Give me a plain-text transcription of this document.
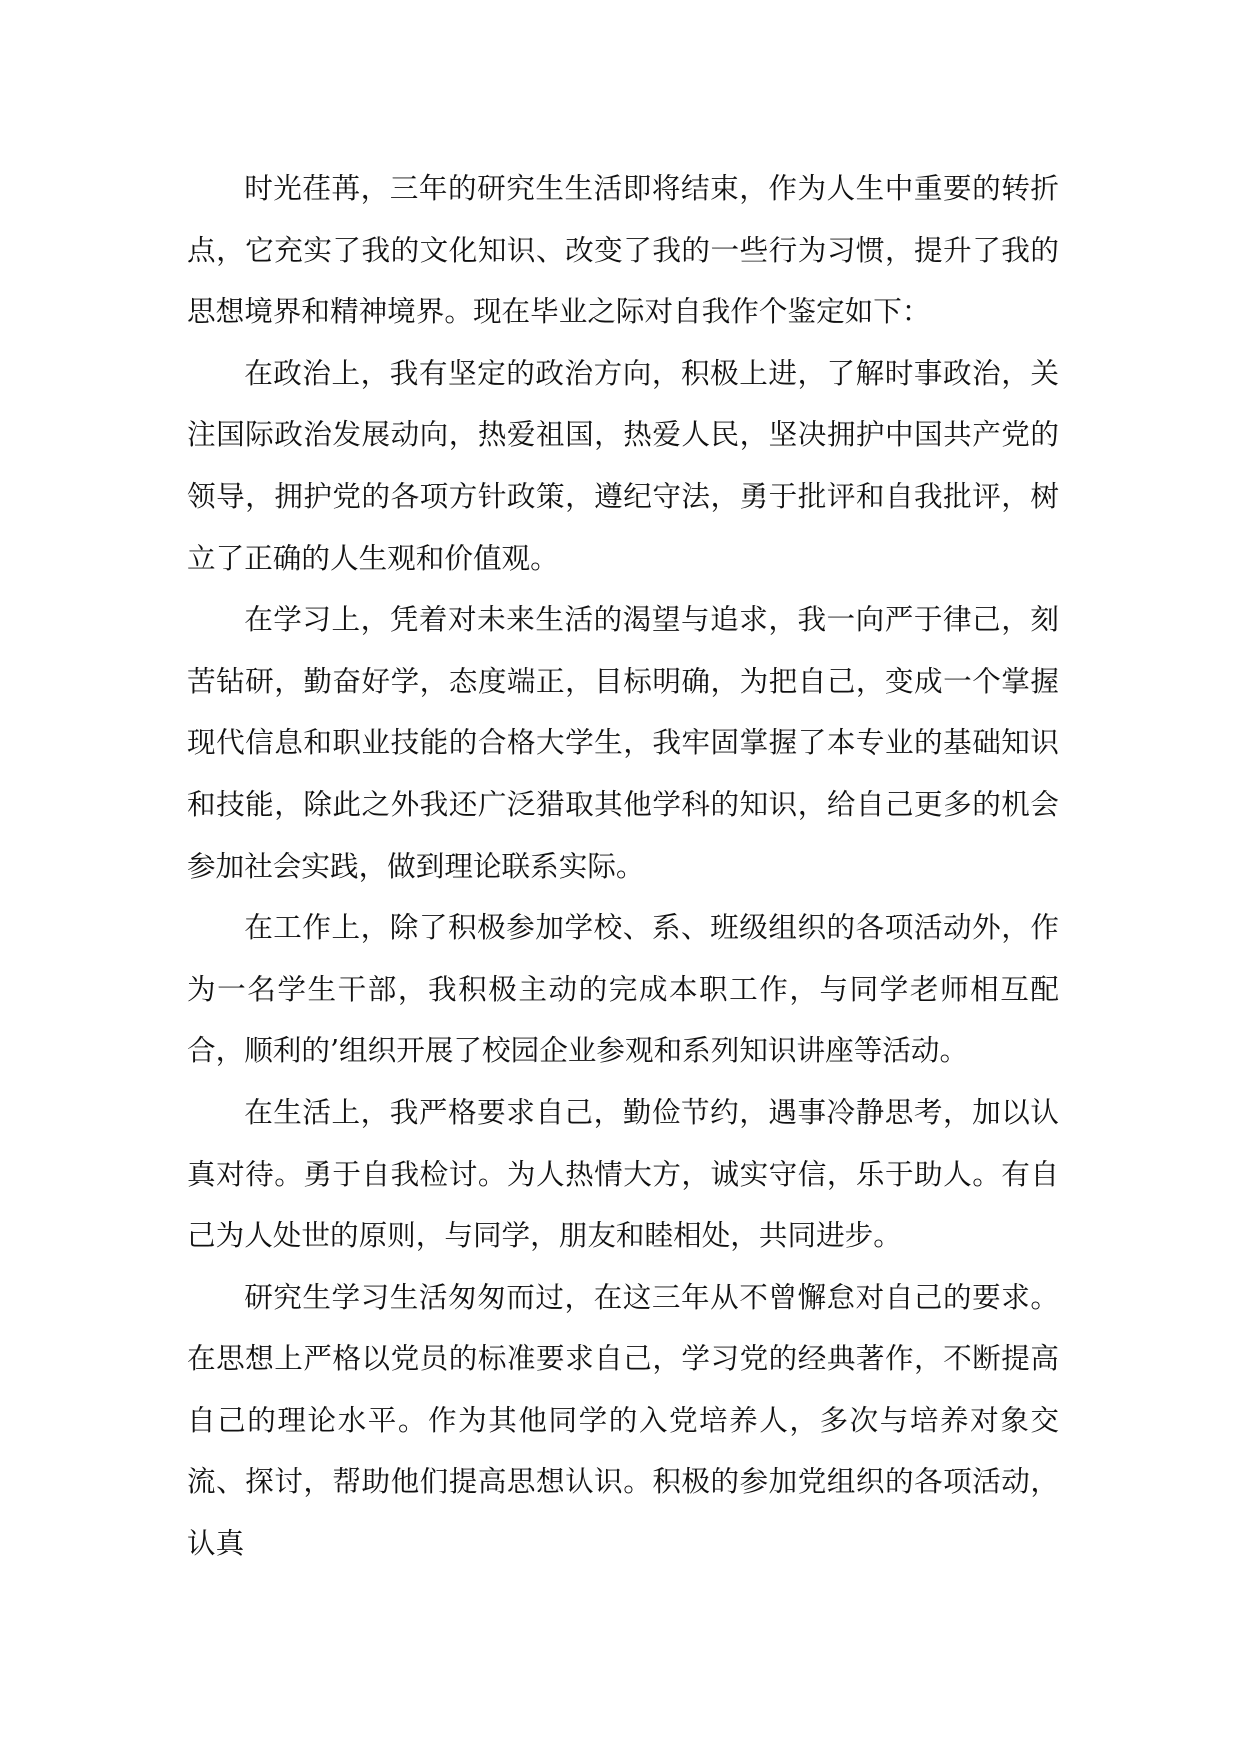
时光荏苒，三年的研究生生活即将结束，作为人生中重要的转折点，它充实了我的文化知识、改变了我的一些行为习惯，提升了我的思想境界和精神境界。现在毕业之际对自我作个鉴定如下：

在政治上，我有坚定的政治方向，积极上进，了解时事政治，关注国际政治发展动向，热爱祖国，热爱人民，坚决拥护中国共产党的领导，拥护党的各项方针政策，遵纪守法，勇于批评和自我批评，树立了正确的人生观和价值观。

在学习上，凭着对未来生活的渴望与追求，我一向严于律己，刻苦钻研，勤奋好学，态度端正，目标明确，为把自己，变成一个掌握现代信息和职业技能的合格大学生，我牢固掌握了本专业的基础知识和技能，除此之外我还广泛猎取其他学科的知识，给自己更多的机会参加社会实践，做到理论联系实际。

在工作上，除了积极参加学校、系、班级组织的各项活动外，作为一名学生干部，我积极主动的完成本职工作，与同学老师相互配合，顺利的’组织开展了校园企业参观和系列知识讲座等活动。

在生活上，我严格要求自己，勤俭节约，遇事冷静思考，加以认真对待。勇于自我检讨。为人热情大方，诚实守信，乐于助人。有自己为人处世的原则，与同学，朋友和睦相处，共同进步。

研究生学习生活匆匆而过，在这三年从不曾懈怠对自己的要求。在思想上严格以党员的标准要求自己，学习党的经典著作，不断提高自己的理论水平。作为其他同学的入党培养人，多次与培养对象交流、探讨，帮助他们提高思想认识。积极的参加党组织的各项活动，认真
